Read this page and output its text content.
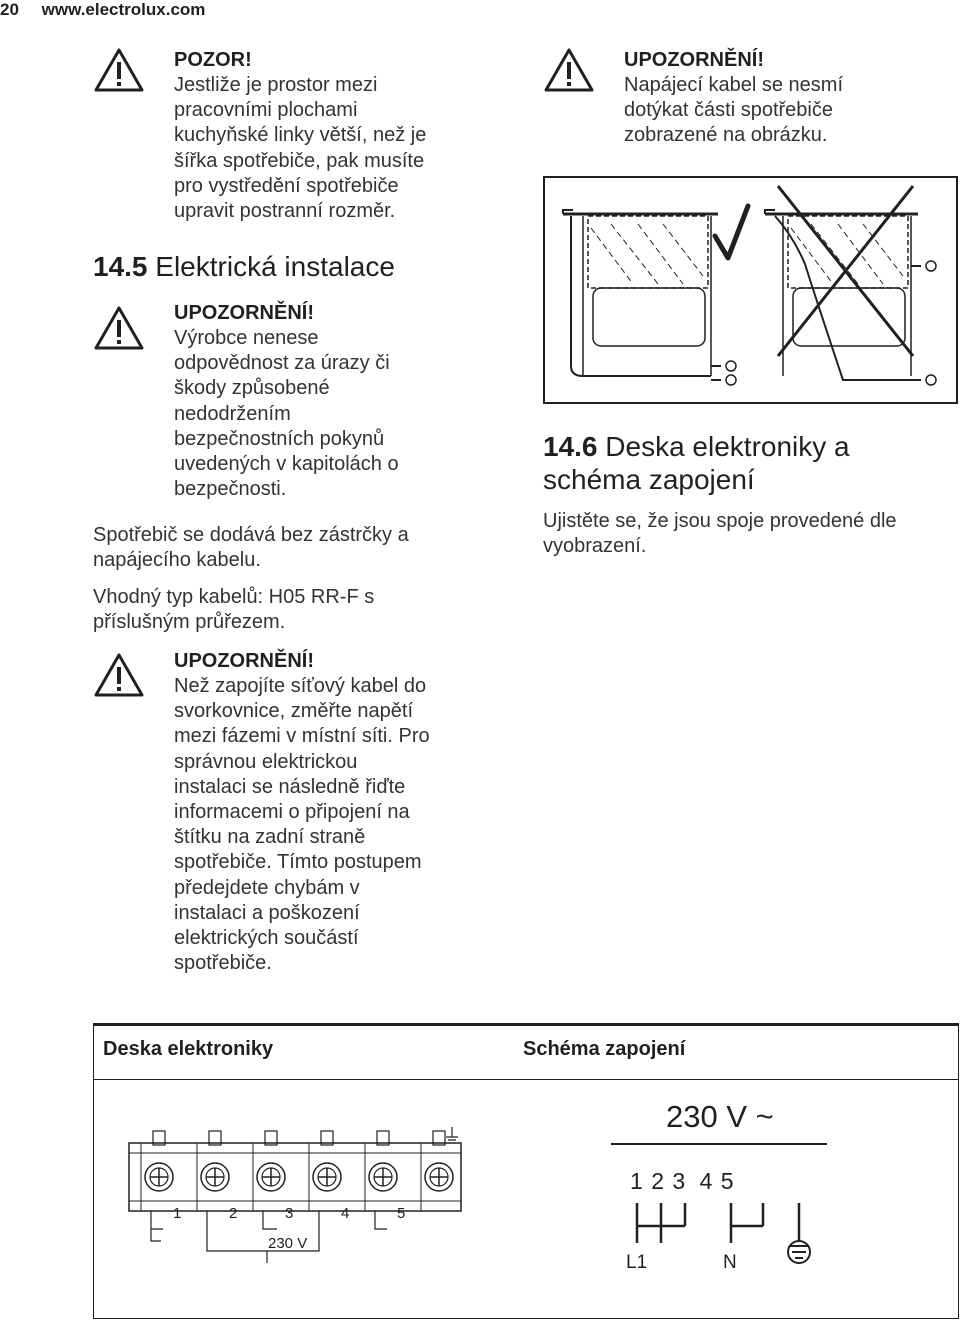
20 www.electrolux.com
POZOR!
Jestliže je prostor mezi
pracovními plochami
kuchyňské linky větší, než je
šířka spotřebiče, pak musíte
pro vystředění spotřebiče
upravit postranní rozměr.
14.5 Elektrická instalace
UPOZORNĚNÍ!
Výrobce nenese
odpovědnost za úrazy či
škody způsobené
nedodržením
bezpečnostních pokynů
uvedených v kapitolách o
bezpečnosti.
Spotřebič se dodává bez zástrčky a
napájecího kabelu.
Vhodný typ kabelů: H05 RR-F s
příslušným průřezem.
UPOZORNĚNÍ!
Než zapojíte síťový kabel do
svorkovnice, změřte napětí
mezi fázemi v místní síti. Pro
správnou elektrickou
instalaci se následně řiďte
informacemi o připojení na
štítku na zadní straně
spotřebiče. Tímto postupem
předejdete chybám v
instalaci a poškození
elektrických součástí
spotřebiče.
UPOZORNĚNÍ!
Napájecí kabel se nesmí
dotýkat části spotřebiče
zobrazené na obrázku.
14.6 Deska elektroniky a
schéma zapojení
Ujistěte se, že jsou spoje provedené dle
vyobrazení.
Deska elektroniky	Schéma zapojení
1	2	3	4	5
230 V
230 V ~
1 2 3 4 5
L1	N
